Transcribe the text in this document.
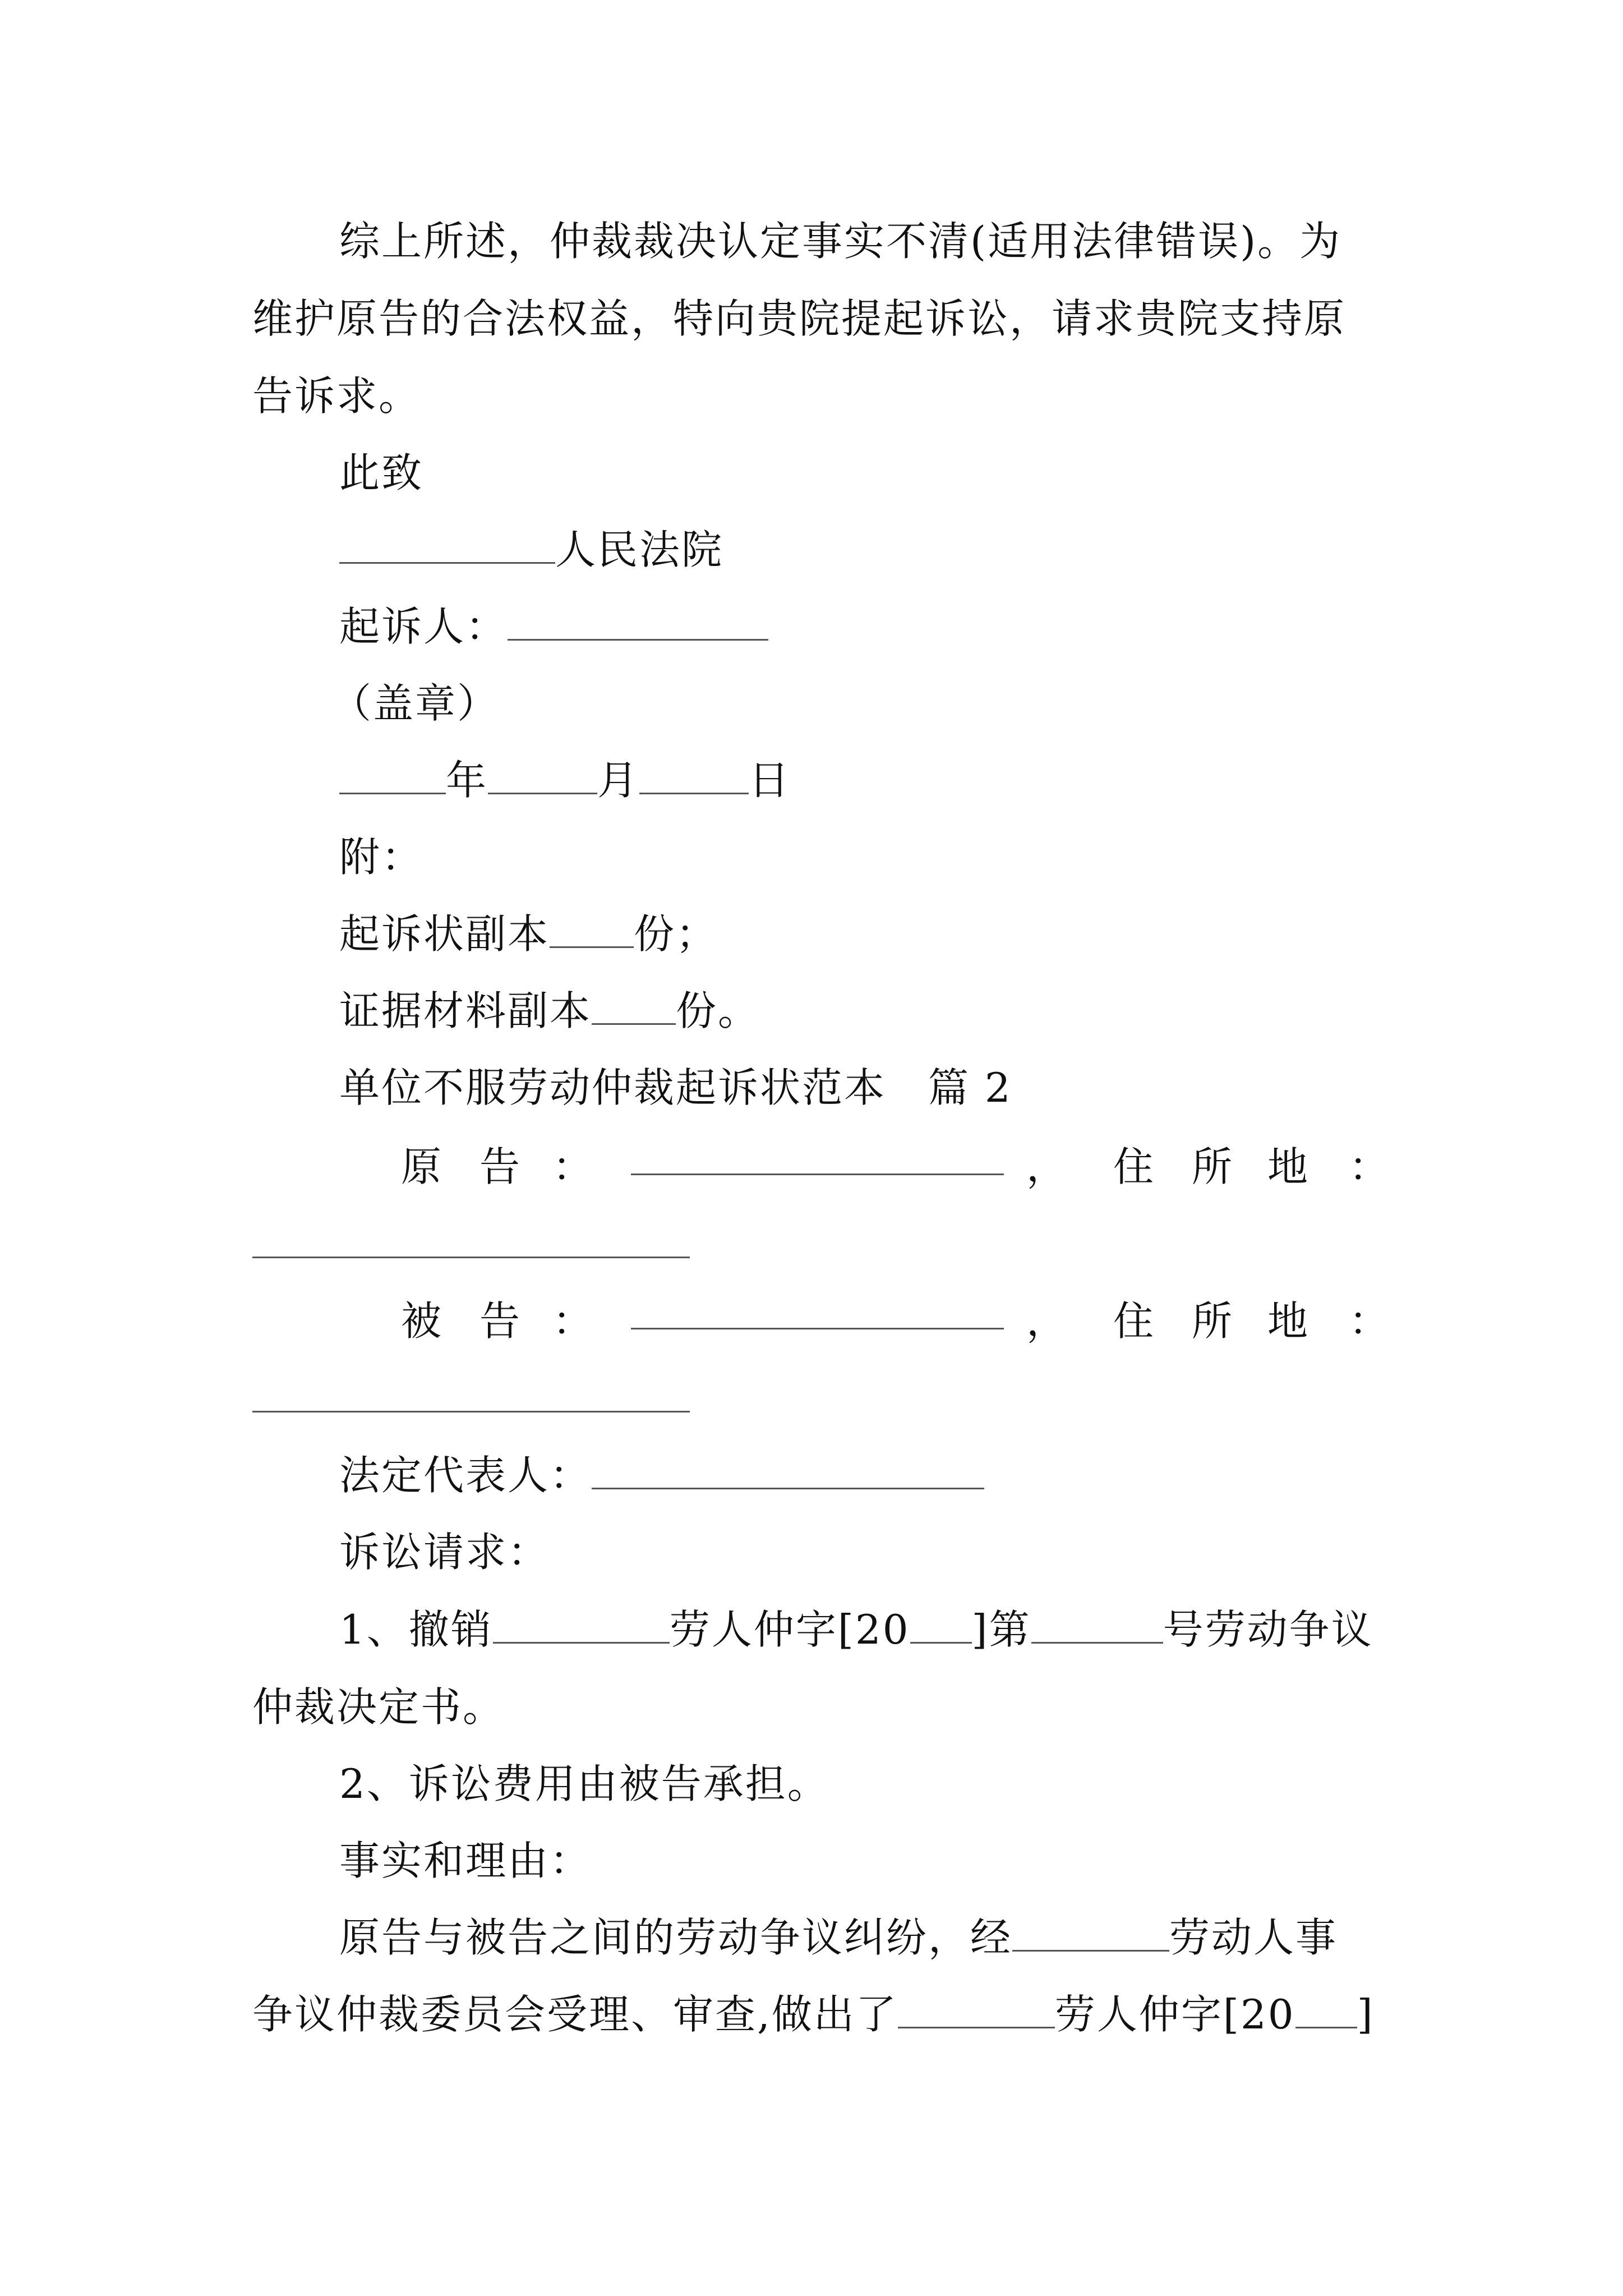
综上所述，仲裁裁决认定事实不清(适用法律错误)。为
维护原告的合法权益，特向贵院提起诉讼，请求贵院支持原
告诉求。
此致
人民法院
起诉人：
（盖章）
年	月	日
附：
起诉状副本 份；
证据材料副本 份。
单位不服劳动仲裁起诉状范本　篇 2
原 告 ：	， 住 所 地 ：
被 告 ：	， 住 所 地 ：
法定代表人：
诉讼请求：
1、撤销	劳人仲字[20 ]第	号劳动争议
仲裁决定书。
2、诉讼费用由被告承担。
事实和理由：
原告与被告之间的劳动争议纠纷，经	劳动人事
争议仲裁委员会受理、审查,做出了	劳人仲字[20 ]
